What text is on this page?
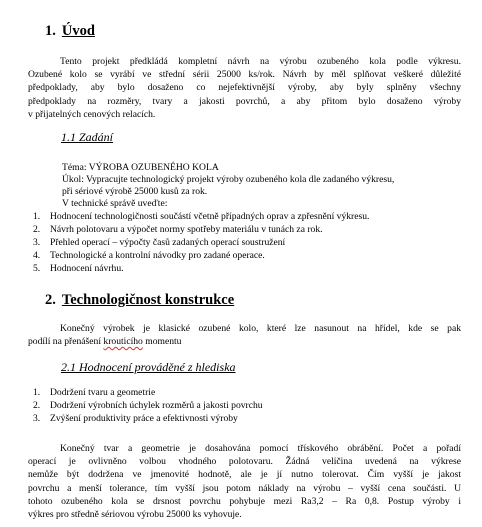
1. Úvod
Tento projekt předkládá kompletní návrh na výrobu ozubeného kola podle výkresu.
Ozubené kolo se vyrábí ve střední sérii 25000 ks/rok. Návrh by měl splňovat veškeré důležité
předpoklady, aby bylo dosaženo co nejefektivnější výroby, aby byly splněny všechny
předpoklady na rozměry, tvary a jakosti povrchů, a aby přitom bylo dosaženo výroby
v přijatelných cenových relacích.
1.1 Zadání
Téma: VÝROBA OZUBENÉHO KOLA
Úkol: Vypracujte technologický projekt výroby ozubeného kola dle zadaného výkresu,
při sériové výrobě 25000 kusů za rok.
V technické správě uveďte:
1. Hodnocení technologičnosti součástí včetně případných oprav a zpřesnění výkresu.
2. Návrh polotovaru a výpočet normy spotřeby materiálu v tunách za rok.
3. Přehled operací – výpočty časů zadaných operací soustružení
4. Technologické a kontrolní návodky pro zadané operace.
5. Hodnocení návrhu.
2. Technologičnost konstrukce
Konečný výrobek je klasické ozubené kolo, které lze nasunout na hřídel, kde se pak
podílí na přenášení krouticího momentu
2.1 Hodnocení prováděné z hlediska
1. Dodržení tvaru a geometrie
2. Dodržení výrobních úchylek rozměrů a jakosti povrchu
3. Zvýšení produktivity práce a efektivnosti výroby
Konečný tvar a geometrie je dosahována pomocí třískového obrábění. Počet a pořadí
operací je ovlivněno volbou vhodného polotovaru. Žádná veličina uvedená na výkrese
nemůže být dodržena ve jmenovité hodnotě, ale je jí nutno tolerovat. Čím vyšší je jakost
povrchu a menší tolerance, tím vyšší jsou potom náklady na výrobu – vyšší cena součásti. U
tohoto ozubeného kola se drsnost povrchu pohybuje mezi Ra3,2 – Ra 0,8. Postup výroby i
výkres pro středně sériovou výrobu 25000 ks vyhovuje.
